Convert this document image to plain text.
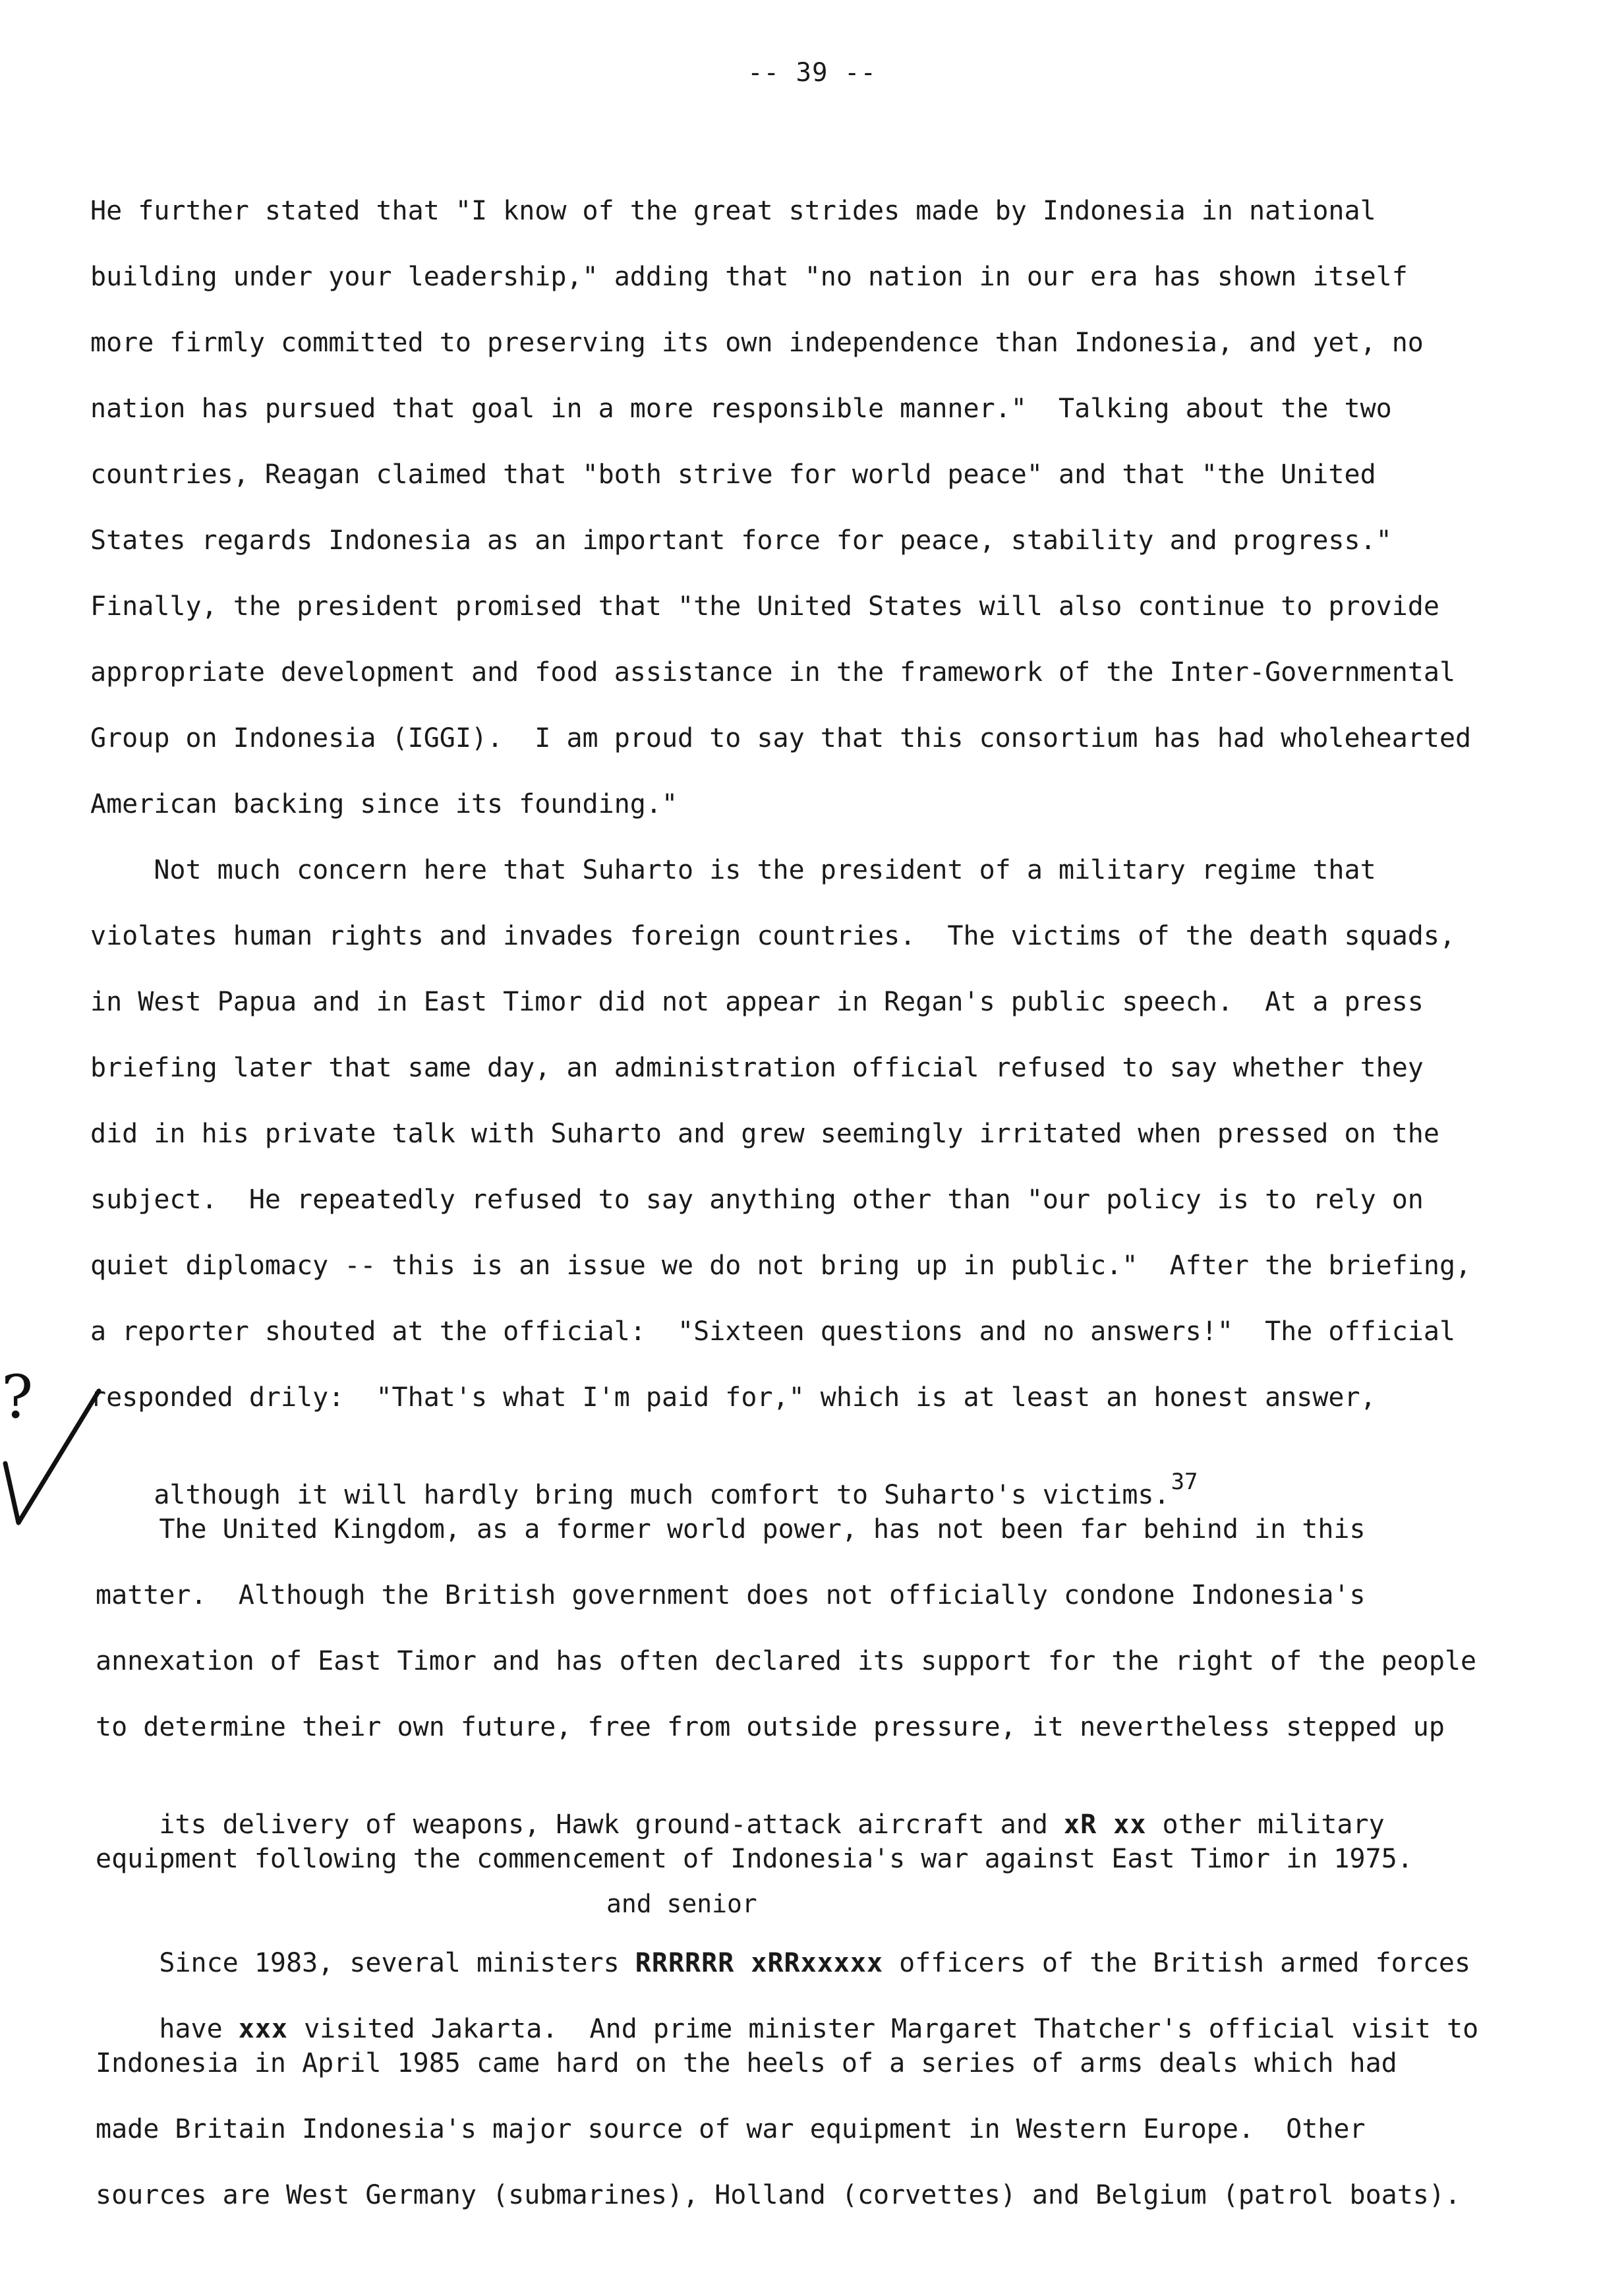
-- 39 --
He further stated that "I know of the great strides made by Indonesia in national
building under your leadership," adding that "no nation in our era has shown itself
more firmly committed to preserving its own independence than Indonesia, and yet, no
nation has pursued that goal in a more responsible manner."  Talking about the two
countries, Reagan claimed that "both strive for world peace" and that "the United
States regards Indonesia as an important force for peace, stability and progress."
Finally, the president promised that "the United States will also continue to provide
appropriate development and food assistance in the framework of the Inter-Governmental
Group on Indonesia (IGGI).  I am proud to say that this consortium has had wholehearted
American backing since its founding."
Not much concern here that Suharto is the president of a military regime that
violates human rights and invades foreign countries.  The victims of the death squads,
in West Papua and in East Timor did not appear in Regan's public speech.  At a press
briefing later that same day, an administration official refused to say whether they
did in his private talk with Suharto and grew seemingly irritated when pressed on the
subject.  He repeatedly refused to say anything other than "our policy is to rely on
quiet diplomacy -- this is an issue we do not bring up in public."  After the briefing,
a reporter shouted at the official:  "Sixteen questions and no answers!"  The official
responded drily:  "That's what I'm paid for," which is at least an honest answer,

although it will hardly bring much comfort to Suharto's victims.$^{37}$

The United Kingdom, as a former world power, has not been far behind in this
matter.  Although the British government does not officially condone Indonesia's
annexation of East Timor and has often declared its support for the right of the people
to determine their own future, free from outside pressure, it nevertheless stepped up

its delivery of weapons, Hawk ground-attack aircraft and xR xx other military

equipment following the commencement of Indonesia's war against East Timor in 1975.
and senior

Since 1983, several ministers RRRRRR xRRxxxxx officers of the British armed forces

have xxx visited Jakarta.  And prime minister Margaret Thatcher's official visit to

Indonesia in April 1985 came hard on the heels of a series of arms deals which had
made Britain Indonesia's major source of war equipment in Western Europe.  Other
sources are West Germany (submarines), Holland (corvettes) and Belgium (patrol boats).
?
